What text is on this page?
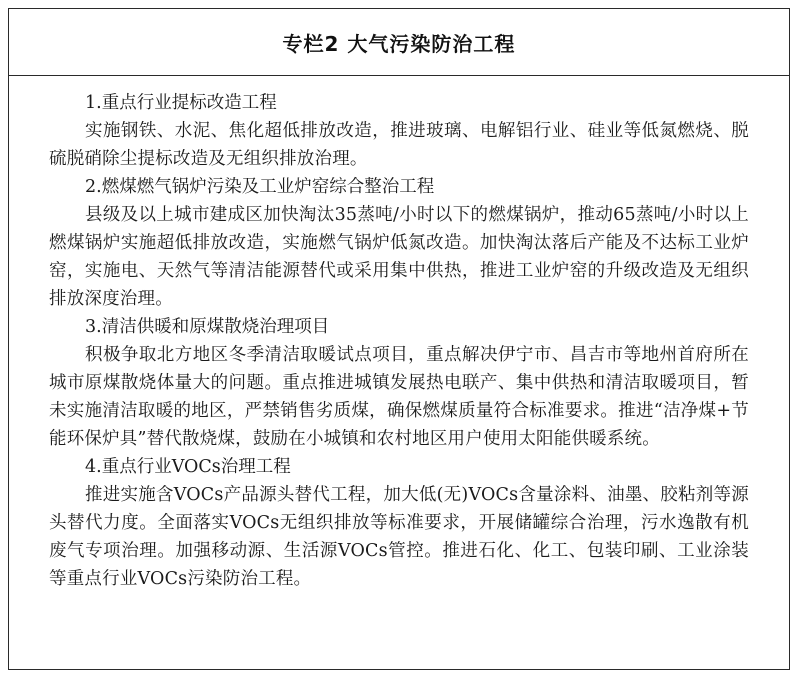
专栏2 大气污染防治工程

1.重点行业提标改造工程

实施钢铁、水泥、焦化超低排放改造，推进玻璃、电解铝行业、硅业等低氮燃烧、脱硫脱硝除尘提标改造及无组织排放治理。

2.燃煤燃气锅炉污染及工业炉窑综合整治工程

县级及以上城市建成区加快淘汰35蒸吨/小时以下的燃煤锅炉，推动65蒸吨/小时以上燃煤锅炉实施超低排放改造，实施燃气锅炉低氮改造。加快淘汰落后产能及不达标工业炉窑，实施电、天然气等清洁能源替代或采用集中供热，推进工业炉窑的升级改造及无组织排放深度治理。

3.清洁供暖和原煤散烧治理项目

积极争取北方地区冬季清洁取暖试点项目，重点解决伊宁市、昌吉市等地州首府所在城市原煤散烧体量大的问题。重点推进城镇发展热电联产、集中供热和清洁取暖项目，暂未实施清洁取暖的地区，严禁销售劣质煤，确保燃煤质量符合标准要求。推进“洁净煤+节能环保炉具”替代散烧煤，鼓励在小城镇和农村地区用户使用太阳能供暖系统。

4.重点行业VOCs治理工程

推进实施含VOCs产品源头替代工程，加大低(无)VOCs含量涂料、油墨、胶粘剂等源头替代力度。全面落实VOCs无组织排放等标准要求，开展储罐综合治理，污水逸散有机废气专项治理。加强移动源、生活源VOCs管控。推进石化、化工、包装印刷、工业涂装等重点行业VOCs污染防治工程。
